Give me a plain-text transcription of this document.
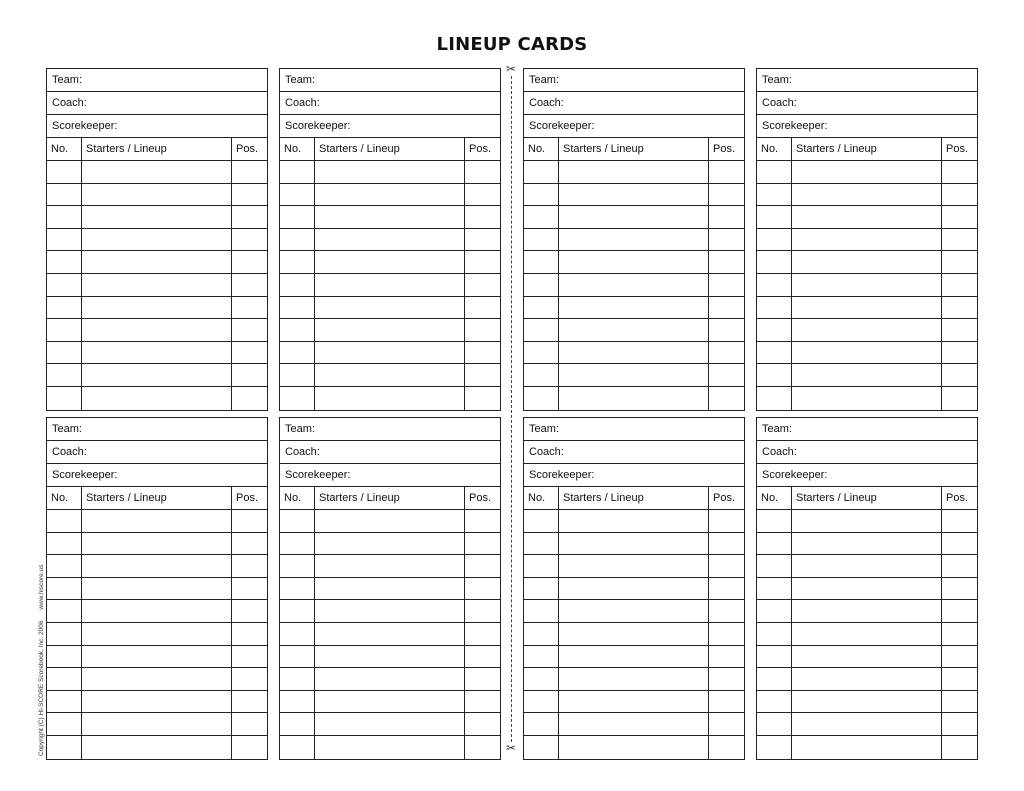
LINEUP CARDS
Team:
Coach:
Scorekeeper:
No.	Starters / Lineup	Pos.
Team:
Coach:
Scorekeeper:
No.	Starters / Lineup	Pos.
Team:
Coach:
Scorekeeper:
No.	Starters / Lineup	Pos.
Team:
Coach:
Scorekeeper:
No.	Starters / Lineup	Pos.
Team:
Coach:
Scorekeeper:
No.	Starters / Lineup	Pos.
Team:
Coach:
Scorekeeper:
No.	Starters / Lineup	Pos.
Team:
Coach:
Scorekeeper:
No.	Starters / Lineup	Pos.
Team:
Coach:
Scorekeeper:
No.	Starters / Lineup	Pos.
✂
✂
Copyright (C) HI-SCORE Scorebook, Inc. 2006 www.hiscore.us
